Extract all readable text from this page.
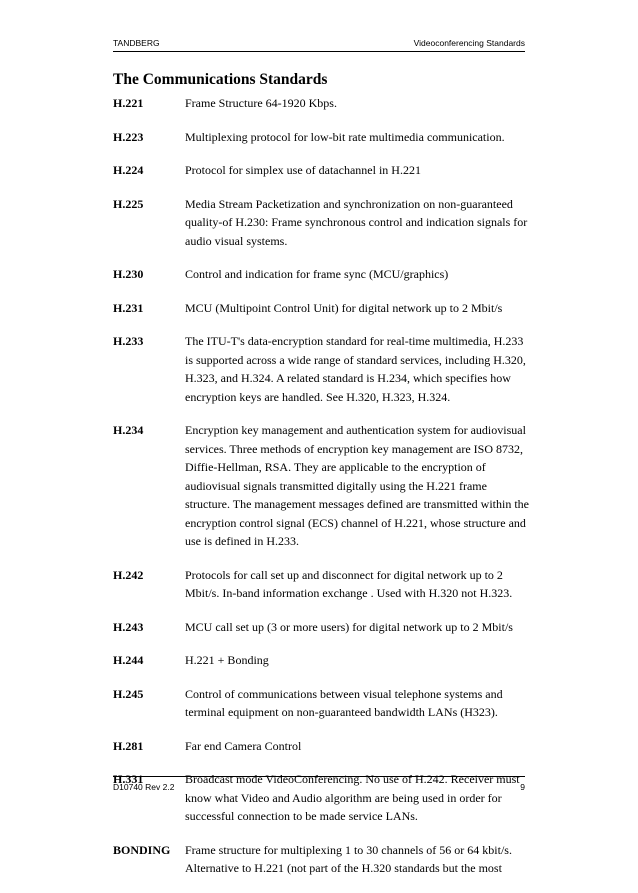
TANDBERG	Videoconferencing Standards
The Communications Standards
H.221	Frame Structure 64-1920 Kbps.
H.223	Multiplexing protocol for low-bit rate multimedia communication.
H.224	Protocol for simplex use of datachannel in H.221
H.225	Media Stream Packetization and synchronization on non-guaranteed quality-of H.230: Frame synchronous control and indication signals for audio visual systems.
H.230	Control and indication for frame sync (MCU/graphics)
H.231	MCU (Multipoint Control Unit) for digital network up to 2 Mbit/s
H.233	The ITU-T's data-encryption standard for real-time multimedia, H.233 is supported across a wide range of standard services, including H.320, H.323, and H.324. A related standard is H.234, which specifies how encryption keys are handled. See H.320, H.323, H.324.
H.234	Encryption key management and authentication system for audiovisual services. Three methods of encryption key management are ISO 8732, Diffie-Hellman, RSA. They are applicable to the encryption of audiovisual signals transmitted digitally using the H.221 frame structure. The management messages defined are transmitted within the encryption control signal (ECS) channel of H.221, whose structure and use is defined in H.233.
H.242	Protocols for call set up and disconnect for digital network up to 2 Mbit/s. In-band information exchange . Used with H.320 not H.323.
H.243	MCU call set up (3 or more users) for digital network up to 2 Mbit/s
H.244	H.221 + Bonding
H.245	Control of communications between visual telephone systems and terminal equipment on non-guaranteed bandwidth LANs (H323).
H.281	Far end Camera Control
H.331	Broadcast mode VideoConferencing. No use of H.242. Receiver must know what Video and Audio algorithm are being used in order for successful connection to be made service LANs.
BONDING	Frame structure for multiplexing 1 to 30 channels of 56 or 64 kbit/s. Alternative to H.221 (not part of the H.320 standards but the most
D10740 Rev 2.2	9
